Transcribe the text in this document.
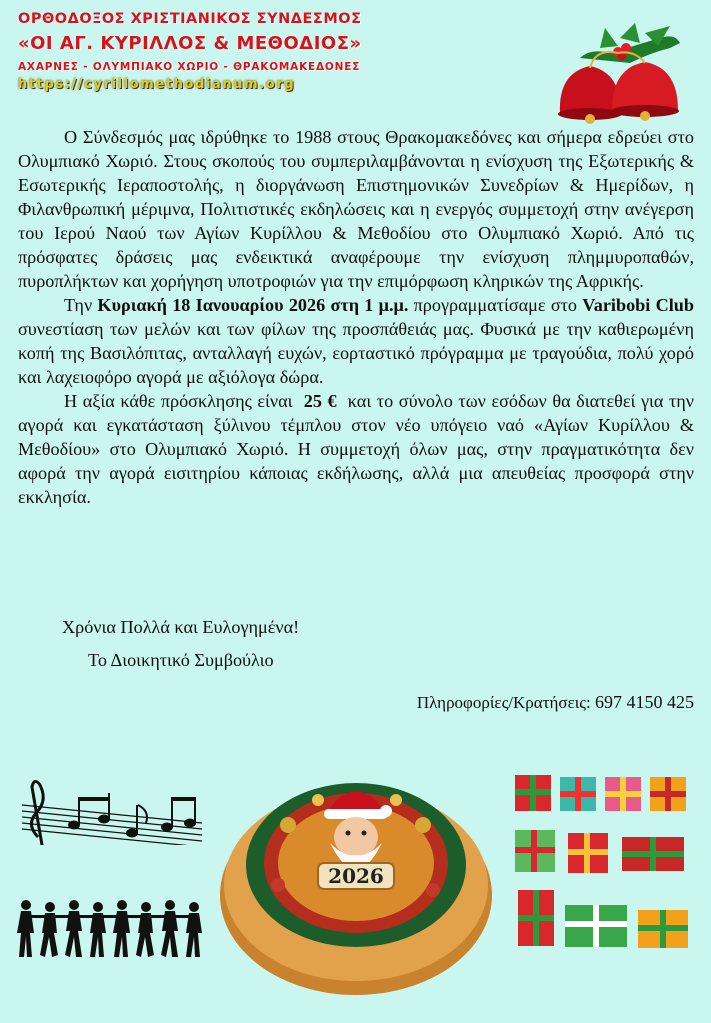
ΟΡΘΟΔΟΞΟΣ ΧΡΙΣΤΙΑΝΙΚΟΣ ΣΥΝΔΕΣΜΟΣ
«ΟΙ ΑΓ. ΚΥΡΙΛΛΟΣ & ΜΕΘΟΔΙΟΣ»
ΑΧΑΡΝΕΣ - ΟΛΥΜΠΙΑΚΟ ΧΩΡΙΟ - ΘΡΑΚΟΜΑΚΕΔΟΝΕΣ
https://cyrillomethodianum.org

Ο Σύνδεσμός μας ιδρύθηκε το 1988 στους Θρακομακεδόνες και σήμερα εδρεύει στο Ολυμπιακό Χωριό. Στους σκοπούς του συμπεριλαμβάνονται η ενίσχυση της Εξωτερικής & Εσωτερικής Ιεραποστολής, η διοργάνωση Επιστημονικών Συνεδρίων & Ημερίδων, η Φιλανθρωπική μέριμνα, Πολιτιστικές εκδηλώσεις και η ενεργός συμμετοχή στην ανέγερση του Ιερού Ναού των Αγίων Κυρίλλου & Μεθοδίου στο Ολυμπιακό Χωριό. Από τις πρόσφατες δράσεις μας ενδεικτικά αναφέρουμε την ενίσχυση πλημμυροπαθών, πυροπλήκτων και χορήγηση υποτροφιών για την επιμόρφωση κληρικών της Αφρικής.

Την Κυριακή 18 Ιανουαρίου 2026 στη 1 μ.μ. προγραμματίσαμε στο Varibobi Club συνεστίαση των μελών και των φίλων της προσπάθειάς μας. Φυσικά με την καθιερωμένη κοπή της Βασιλόπιτας, ανταλλαγή ευχών, εορταστικό πρόγραμμα με τραγούδια, πολύ χορό και λαχειοφόρο αγορά με αξιόλογα δώρα.

Η αξία κάθε πρόσκλησης είναι 25 € και το σύνολο των εσόδων θα διατεθεί για την αγορά και εγκατάσταση ξύλινου τέμπλου στον νέο υπόγειο ναό «Αγίων Κυρίλλου & Μεθοδίου» στο Ολυμπιακό Χωριό. Η συμμετοχή όλων μας, στην πραγματικότητα δεν αφορά την αγορά εισιτηρίου κάποιας εκδήλωσης, αλλά μια απευθείας προσφορά στην εκκλησία.

Χρόνια Πολλά και Ευλογημένα!
Το Διοικητικό Συμβούλιο
Πληροφορίες/Κρατήσεις: 697 4150 425
2026
